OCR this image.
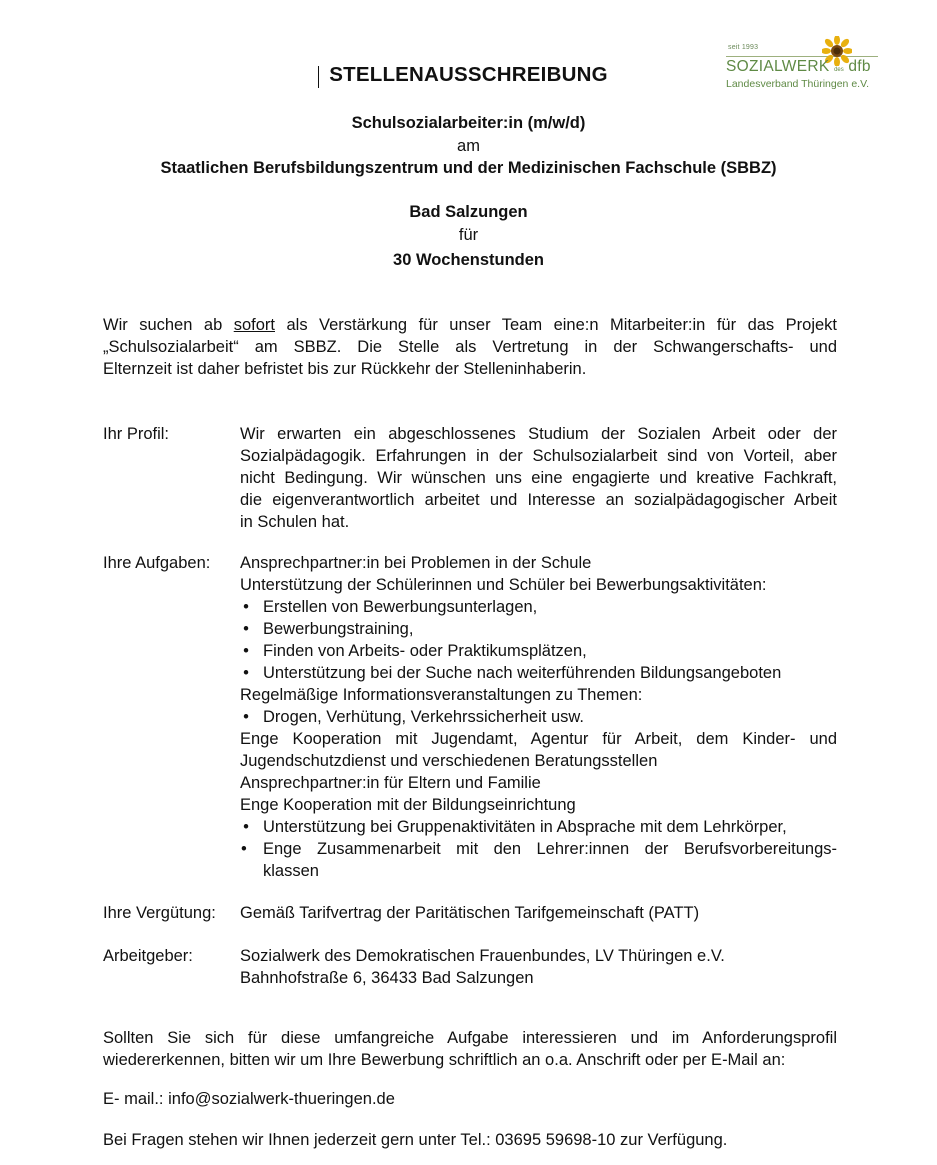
seit 1993
SOZIALWERK des dfb
Landesverband Thüringen e.V.
STELLENAUSSCHREIBUNG
Schulsozialarbeiter:in (m/w/d)
am
Staatlichen Berufsbildungszentrum und der Medizinischen Fachschule (SBBZ)
Bad Salzungen
für
30 Wochenstunden
Wir suchen ab sofort als Verstärkung für unser Team eine:n Mitarbeiter:in für das Projekt
„Schulsozialarbeit“ am SBBZ. Die Stelle als Vertretung in der Schwangerschafts- und
Elternzeit ist daher befristet bis zur Rückkehr der Stelleninhaberin.
Ihr Profil:	Wir erwarten ein abgeschlossenes Studium der Sozialen Arbeit oder der
Sozialpädagogik. Erfahrungen in der Schulsozialarbeit sind von Vorteil, aber
nicht Bedingung. Wir wünschen uns eine engagierte und kreative Fachkraft,
die eigenverantwortlich arbeitet und Interesse an sozialpädagogischer Arbeit
in Schulen hat.
Ihre Aufgaben: Ansprechpartner:in bei Problemen in der Schule
Unterstützung der Schülerinnen und Schüler bei Bewerbungsaktivitäten:
• Erstellen von Bewerbungsunterlagen,
• Bewerbungstraining,
• Finden von Arbeits- oder Praktikumsplätzen,
• Unterstützung bei der Suche nach weiterführenden Bildungsangeboten
Regelmäßige Informationsveranstaltungen zu Themen:
• Drogen, Verhütung, Verkehrssicherheit usw.
Enge Kooperation mit Jugendamt, Agentur für Arbeit, dem Kinder- und
Jugendschutzdienst und verschiedenen Beratungsstellen
Ansprechpartner:in für Eltern und Familie
Enge Kooperation mit der Bildungseinrichtung
• Unterstützung bei Gruppenaktivitäten in Absprache mit dem Lehrkörper,
• Enge Zusammenarbeit mit den Lehrer:innen der Berufsvorbereitungs-
klassen
Ihre Vergütung: Gemäß Tarifvertrag der Paritätischen Tarifgemeinschaft (PATT)
Arbeitgeber:	Sozialwerk des Demokratischen Frauenbundes, LV Thüringen e.V.
Bahnhofstraße 6, 36433 Bad Salzungen
Sollten Sie sich für diese umfangreiche Aufgabe interessieren und im Anforderungsprofil
wiedererkennen, bitten wir um Ihre Bewerbung schriftlich an o.a. Anschrift oder per E-Mail an:
E- mail.: info@sozialwerk-thueringen.de
Bei Fragen stehen wir Ihnen jederzeit gern unter Tel.: 03695 59698-10 zur Verfügung.
